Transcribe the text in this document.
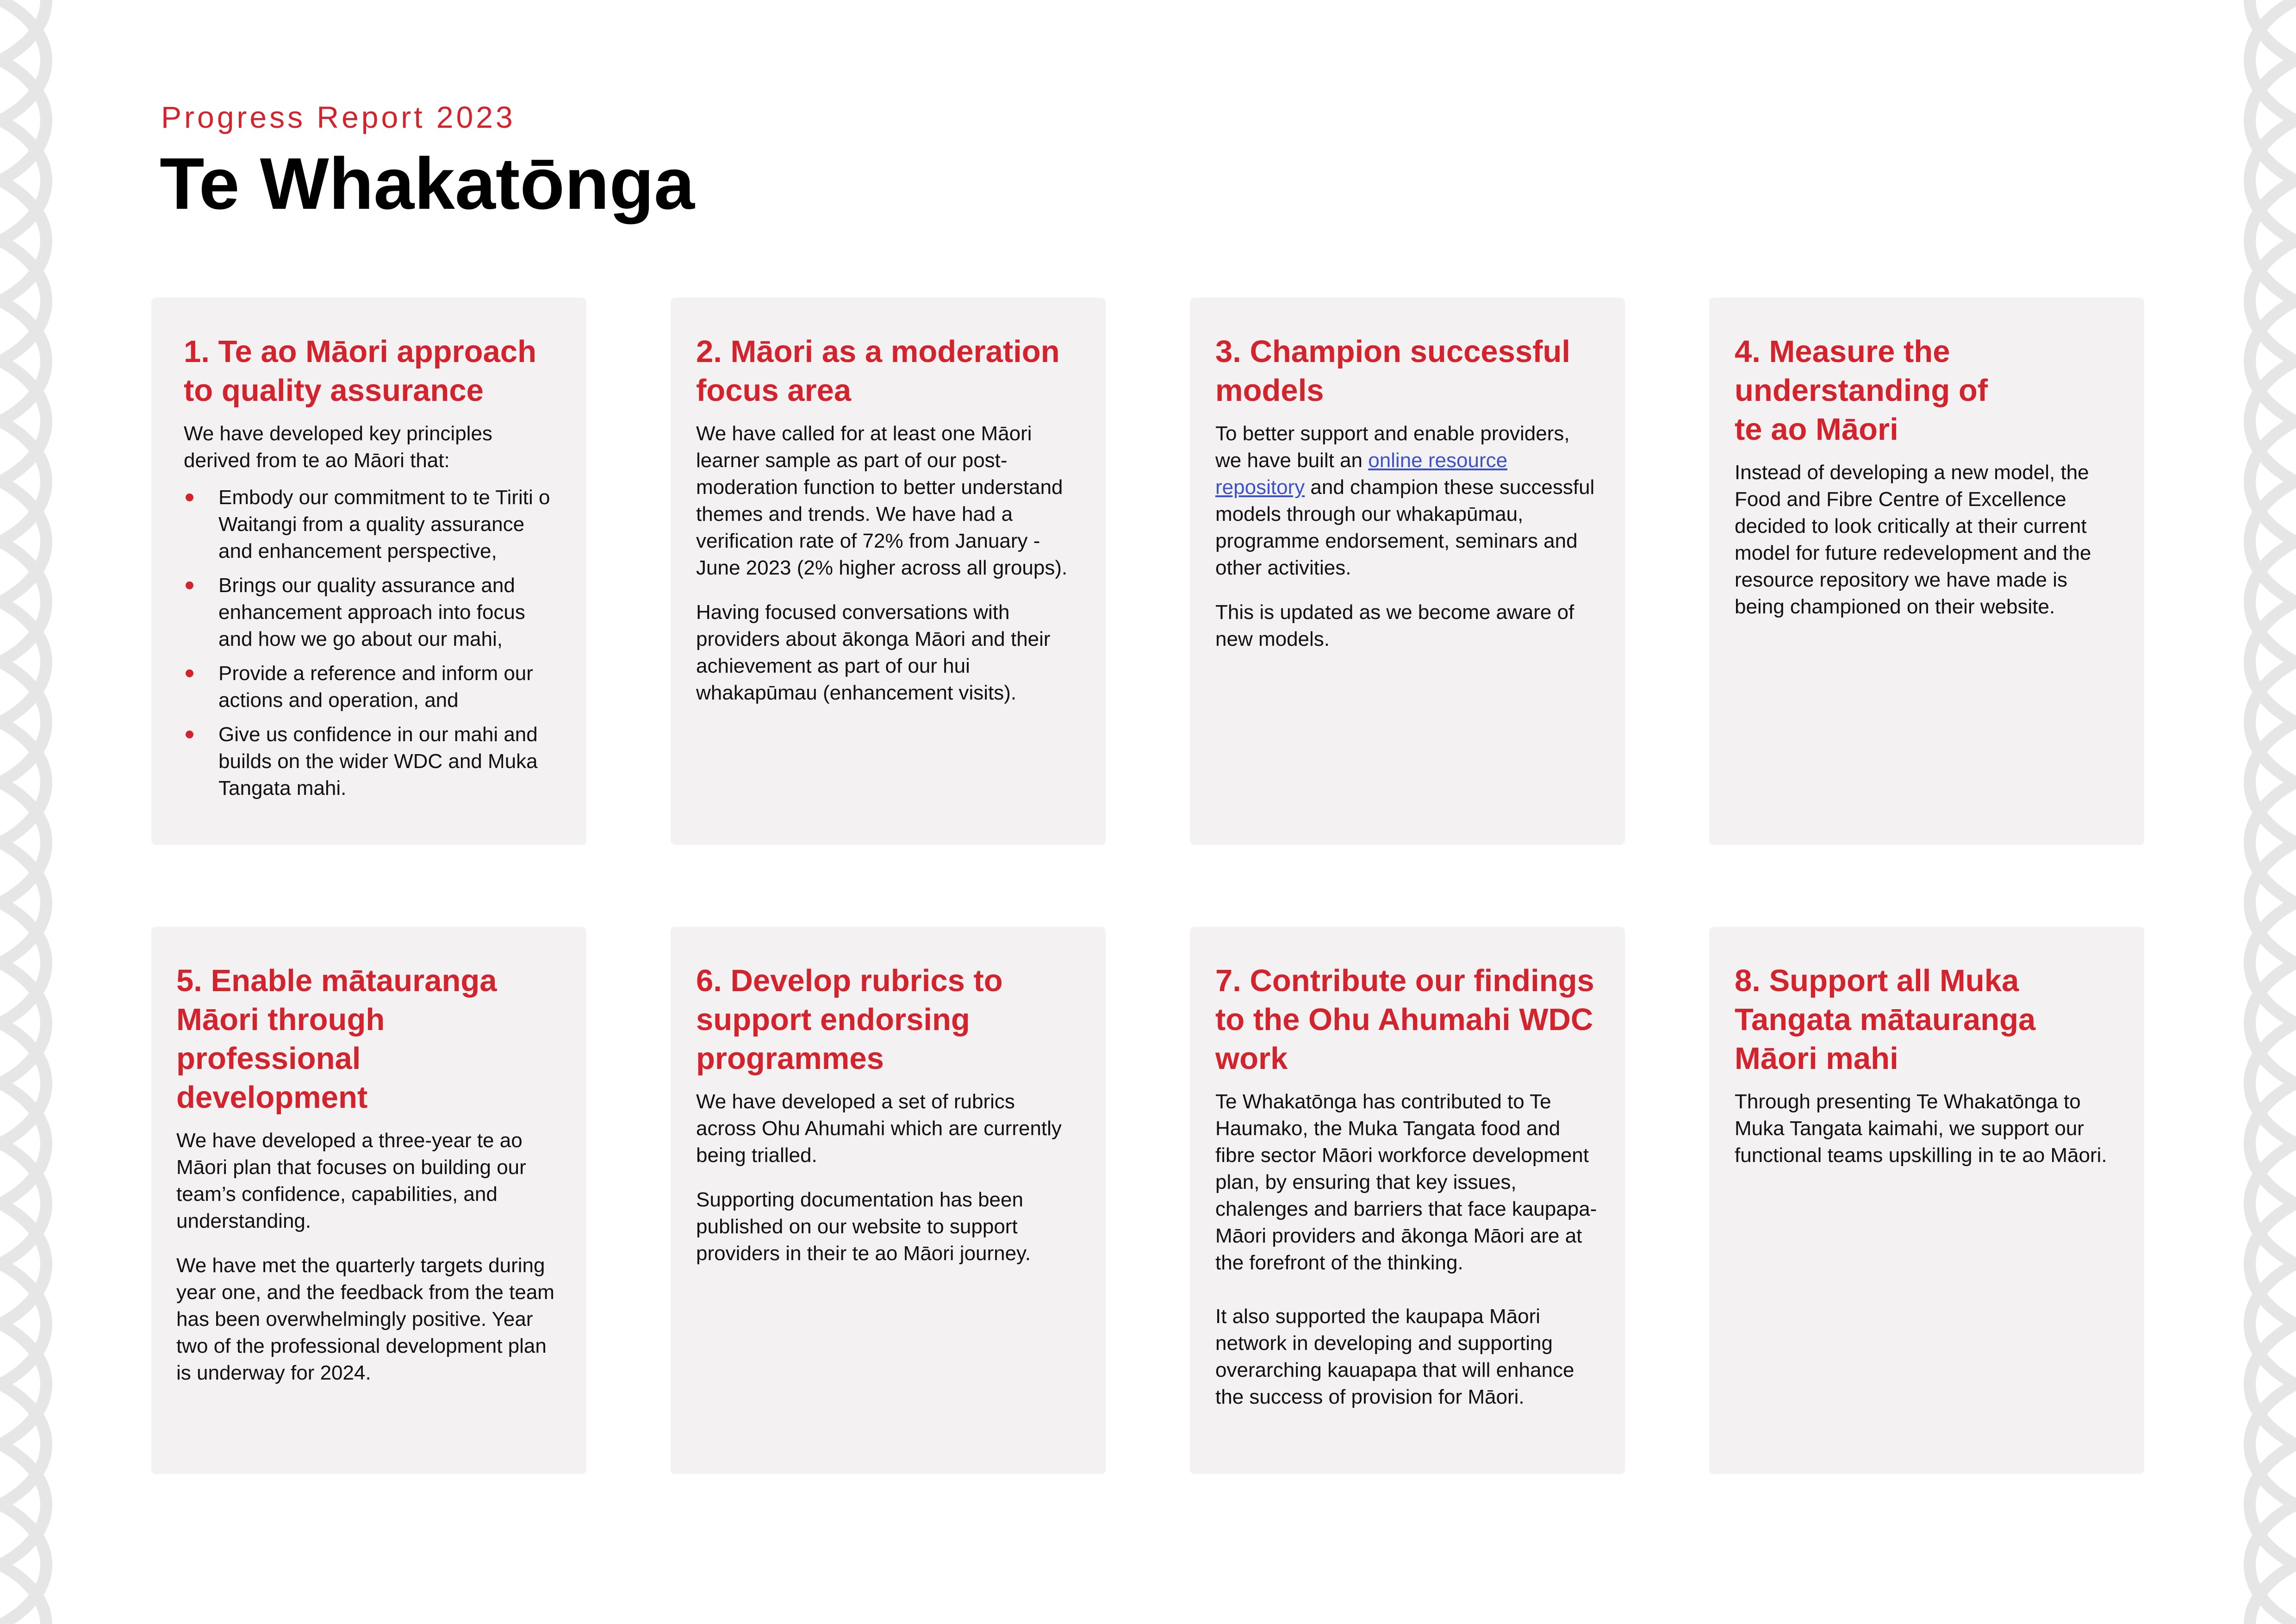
Progress Report 2023
Te Whakatōnga
1. Te ao Māori approach to quality assurance

We have developed key principles derived from te ao Māori that:

Embody our commitment to te Tiriti o Waitangi from a quality assurance and enhancement perspective,
Brings our quality assurance and enhancement approach into focus and how we go about our mahi,
Provide a reference and inform our actions and operation, and
Give us confidence in our mahi and builds on the wider WDC and Muka Tangata mahi.
2. Māori as a moderation focus area

We have called for at least one Māori learner sample as part of our post-moderation function to better understand themes and trends. We have had a verification rate of 72% from January - June 2023 (2% higher across all groups).

Having focused conversations with providers about ākonga Māori and their achievement as part of our hui whakapūmau (enhancement visits).

3. Champion successful models

To better support and enable providers, we have built an online resource repository and champion these successful models through our whakapūmau, programme endorsement, seminars and other activities.

This is updated as we become aware of new models.

4. Measure the understanding of te ao Māori

Instead of developing a new model, the Food and Fibre Centre of Excellence decided to look critically at their current model for future redevelopment and the resource repository we have made is being championed on their website.

5. Enable mātauranga Māori through professional development

We have developed a three-year te ao Māori plan that focuses on building our team’s confidence, capabilities, and understanding.

We have met the quarterly targets during year one, and the feedback from the team has been overwhelmingly positive. Year two of the professional development plan is underway for 2024.

6. Develop rubrics to support endorsing programmes

We have developed a set of rubrics across Ohu Ahumahi which are currently being trialled.

Supporting documentation has been published on our website to support providers in their te ao Māori journey.

7. Contribute our findings to the Ohu Ahumahi WDC work

Te Whakatōnga has contributed to Te Haumako, the Muka Tangata food and fibre sector Māori workforce development plan, by ensuring that key issues, chalenges and barriers that face kaupapa-Māori providers and ākonga Māori are at the forefront of the thinking.

It also supported the kaupapa Māori network in developing and supporting overarching kauapapa that will enhance the success of provision for Māori.

8. Support all Muka Tangata mātauranga Māori mahi

Through presenting Te Whakatōnga to Muka Tangata kaimahi, we support our functional teams upskilling in te ao Māori.
